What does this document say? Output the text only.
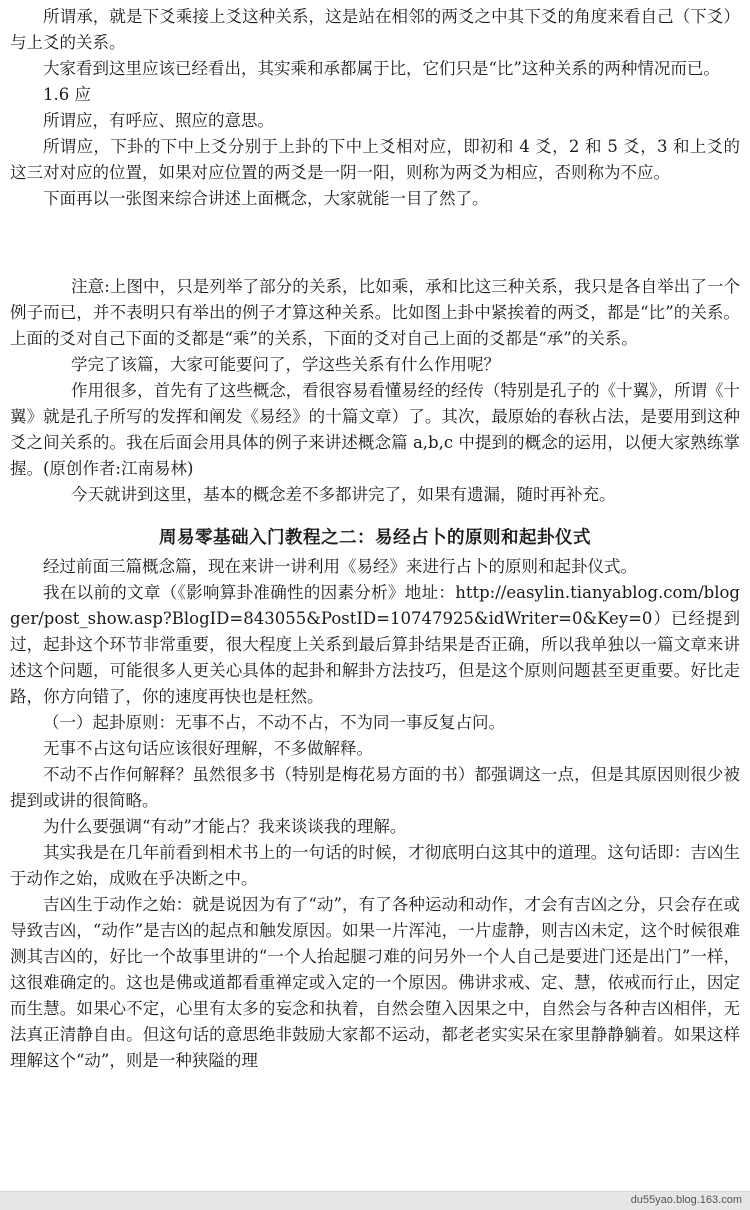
所谓承，就是下爻乘接上爻这种关系，这是站在相邻的两爻之中其下爻的角度来看自己（下爻）与上爻的关系。

大家看到这里应该已经看出，其实乘和承都属于比，它们只是“比”这种关系的两种情况而已。

1.6 应

所谓应，有呼应、照应的意思。

所谓应，下卦的下中上爻分别于上卦的下中上爻相对应，即初和 4 爻，2 和 5 爻，3 和上爻的这三对对应的位置，如果对应位置的两爻是一阴一阳，则称为两爻为相应，否则称为不应。

下面再以一张图来综合讲述上面概念，大家就能一目了然了。

注意:上图中，只是列举了部分的关系，比如乘，承和比这三种关系，我只是各自举出了一个例子而已，并不表明只有举出的例子才算这种关系。比如图上卦中紧挨着的两爻，都是“比”的关系。上面的爻对自己下面的爻都是“乘”的关系，下面的爻对自己上面的爻都是“承”的关系。

学完了该篇，大家可能要问了，学这些关系有什么作用呢？

作用很多，首先有了这些概念，看很容易看懂易经的经传（特别是孔子的《十翼》，所谓《十翼》就是孔子所写的发挥和阐发《易经》的十篇文章）了。其次，最原始的春秋占法，是要用到这种爻之间关系的。我在后面会用具体的例子来讲述概念篇 a,b,c 中提到的概念的运用，以便大家熟练掌握。(原创作者:江南易林)

今天就讲到这里，基本的概念差不多都讲完了，如果有遗漏，随时再补充。

周易零基础入门教程之二：易经占卜的原则和起卦仪式

经过前面三篇概念篇，现在来讲一讲利用《易经》来进行占卜的原则和起卦仪式。

我在以前的文章（《影响算卦准确性的因素分析》地址：http://easylin.tianyablog.com/blogger/post_show.asp?BlogID=843055&PostID=10747925&idWriter=0&Key=0）已经提到过，起卦这个环节非常重要，很大程度上关系到最后算卦结果是否正确，所以我单独以一篇文章来讲述这个问题，可能很多人更关心具体的起卦和解卦方法技巧，但是这个原则问题甚至更重要。好比走路，你方向错了，你的速度再快也是枉然。

（一）起卦原则：无事不占，不动不占，不为同一事反复占问。

无事不占这句话应该很好理解，不多做解释。

不动不占作何解释？虽然很多书（特别是梅花易方面的书）都强调这一点，但是其原因则很少被提到或讲的很简略。

为什么要强调“有动”才能占？我来谈谈我的理解。

其实我是在几年前看到相术书上的一句话的时候，才彻底明白这其中的道理。这句话即：吉凶生于动作之始，成败在乎决断之中。

吉凶生于动作之始：就是说因为有了“动”，有了各种运动和动作，才会有吉凶之分，只会存在或导致吉凶，“动作”是吉凶的起点和触发原因。如果一片浑沌，一片虚静，则吉凶未定，这个时候很难测其吉凶的，好比一个故事里讲的“一个人抬起腿刁难的问另外一个人自己是要进门还是出门”一样，这很难确定的。这也是佛或道都看重禅定或入定的一个原因。佛讲求戒、定、慧，依戒而行止，因定而生慧。如果心不定，心里有太多的妄念和执着，自然会堕入因果之中，自然会与各种吉凶相伴，无法真正清静自由。但这句话的意思绝非鼓励大家都不运动，都老老实实呆在家里静静躺着。如果这样理解这个“动”，则是一种狭隘的理

du55yao.blog.163.com
